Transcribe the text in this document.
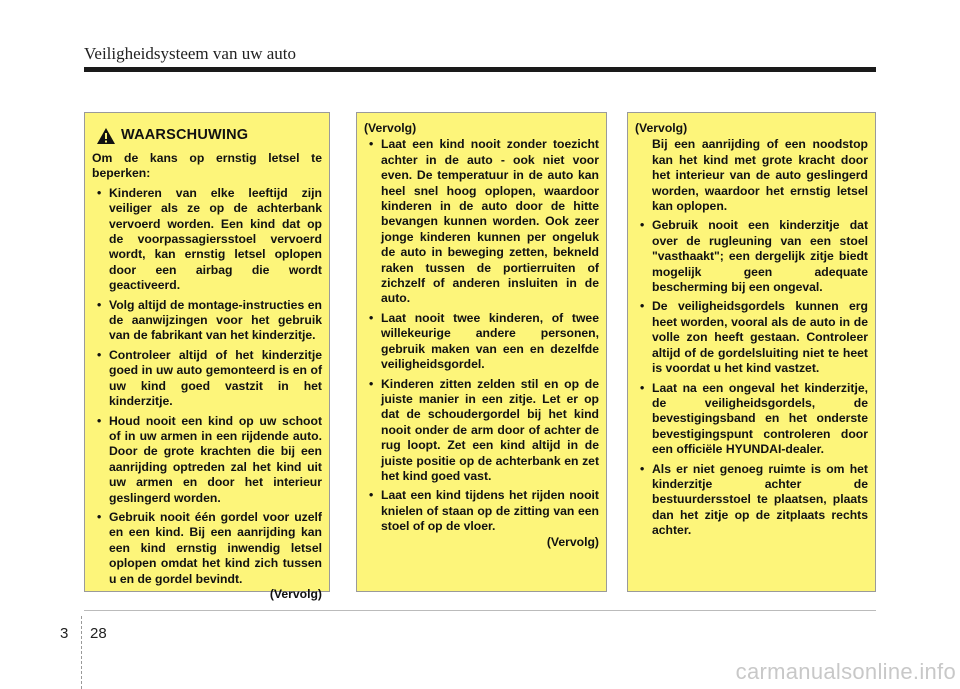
Veiligheidsysteem van uw auto
WAARSCHUWING

Om de kans op ernstig letsel te beperken:

• Kinderen van elke leeftijd zijn veiliger als ze op de achterbank vervoerd worden. Een kind dat op de voorpassagiersstoel vervoerd wordt, kan ernstig letsel oplopen door een airbag die wordt geactiveerd.
• Volg altijd de montage-instructies en de aanwijzingen voor het gebruik van de fabrikant van het kinderzitje.
• Controleer altijd of het kinderzitje goed in uw auto gemonteerd is en of uw kind goed vastzit in het kinderzitje.
• Houd nooit een kind op uw schoot of in uw armen in een rijdende auto. Door de grote krachten die bij een aanrijding optreden zal het kind uit uw armen en door het interieur geslingerd worden.
• Gebruik nooit één gordel voor uzelf en een kind. Bij een aanrijding kan een kind ernstig inwendig letsel oplopen omdat het kind zich tussen u en de gordel bevindt.

(Vervolg)

(Vervolg)

• Laat een kind nooit zonder toezicht achter in de auto - ook niet voor even. De temperatuur in de auto kan heel snel hoog oplopen, waardoor kinderen in de auto door de hitte bevangen kunnen worden. Ook zeer jonge kinderen kunnen per ongeluk de auto in beweging zetten, bekneld raken tussen de portierruiten of zichzelf of anderen insluiten in de auto.
• Laat nooit twee kinderen, of twee willekeurige andere personen, gebruik maken van een en dezelfde veiligheidsgordel.
• Kinderen zitten zelden stil en op de juiste manier in een zitje. Let er op dat de schoudergordel bij het kind nooit onder de arm door of achter de rug loopt. Zet een kind altijd in de juiste positie op de achterbank en zet het kind goed vast.
• Laat een kind tijdens het rijden nooit knielen of staan op de zitting van een stoel of op de vloer.

(Vervolg)

(Vervolg)

Bij een aanrijding of een noodstop kan het kind met grote kracht door het interieur van de auto geslingerd worden, waardoor het ernstig letsel kan oplopen.

• Gebruik nooit een kinderzitje dat over de rugleuning van een stoel "vasthaakt"; een dergelijk zitje biedt mogelijk geen adequate bescherming bij een ongeval.
• De veiligheidsgordels kunnen erg heet worden, vooral als de auto in de volle zon heeft gestaan. Controleer altijd of de gordelsluiting niet te heet is voordat u het kind vastzet.
• Laat na een ongeval het kinderzitje, de veiligheidsgordels, de bevestigingsband en het onderste bevestigingspunt controleren door een officiële HYUNDAI-dealer.
• Als er niet genoeg ruimte is om het kinderzitje achter de bestuurdersstoel te plaatsen, plaats dan het zitje op de zitplaats rechts achter.
3 28
carmanualsonline.info
